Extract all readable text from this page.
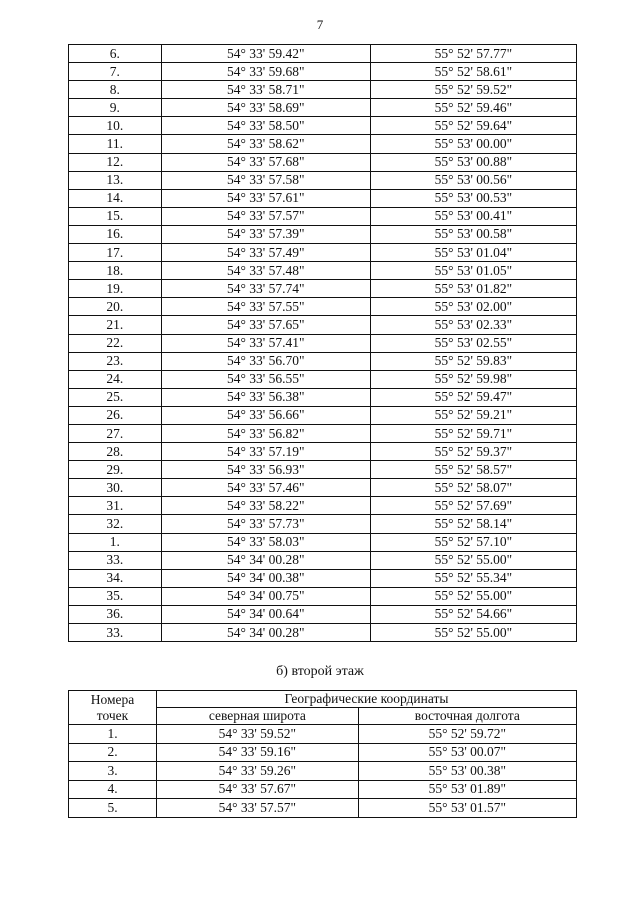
7
6.	54° 33' 59.42"	55° 52' 57.77"
7.	54° 33' 59.68"	55° 52' 58.61"
8.	54° 33' 58.71"	55° 52' 59.52"
9.	54° 33' 58.69"	55° 52' 59.46"
10.	54° 33' 58.50"	55° 52' 59.64"
11.	54° 33' 58.62"	55° 53' 00.00"
12.	54° 33' 57.68"	55° 53' 00.88"
13.	54° 33' 57.58"	55° 53' 00.56"
14.	54° 33' 57.61"	55° 53' 00.53"
15.	54° 33' 57.57"	55° 53' 00.41"
16.	54° 33' 57.39"	55° 53' 00.58"
17.	54° 33' 57.49"	55° 53' 01.04"
18.	54° 33' 57.48"	55° 53' 01.05"
19.	54° 33' 57.74"	55° 53' 01.82"
20.	54° 33' 57.55"	55° 53' 02.00"
21.	54° 33' 57.65"	55° 53' 02.33"
22.	54° 33' 57.41"	55° 53' 02.55"
23.	54° 33' 56.70"	55° 52' 59.83"
24.	54° 33' 56.55"	55° 52' 59.98"
25.	54° 33' 56.38"	55° 52' 59.47"
26.	54° 33' 56.66"	55° 52' 59.21"
27.	54° 33' 56.82"	55° 52' 59.71"
28.	54° 33' 57.19"	55° 52' 59.37"
29.	54° 33' 56.93"	55° 52' 58.57"
30.	54° 33' 57.46"	55° 52' 58.07"
31.	54° 33' 58.22"	55° 52' 57.69"
32.	54° 33' 57.73"	55° 52' 58.14"
1.	54° 33' 58.03"	55° 52' 57.10"
33.	54° 34' 00.28"	55° 52' 55.00"
34.	54° 34' 00.38"	55° 52' 55.34"
35.	54° 34' 00.75"	55° 52' 55.00"
36.	54° 34' 00.64"	55° 52' 54.66"
33.	54° 34' 00.28"	55° 52' 55.00"
б) второй этаж
Номера
точек	Географические координаты	
	северная широта	восточная долгота
1.	54° 33' 59.52"	55° 52' 59.72"
2.	54° 33' 59.16"	55° 53' 00.07"
3.	54° 33' 59.26"	55° 53' 00.38"
4.	54° 33' 57.67"	55° 53' 01.89"
5.	54° 33' 57.57"	55° 53' 01.57"
